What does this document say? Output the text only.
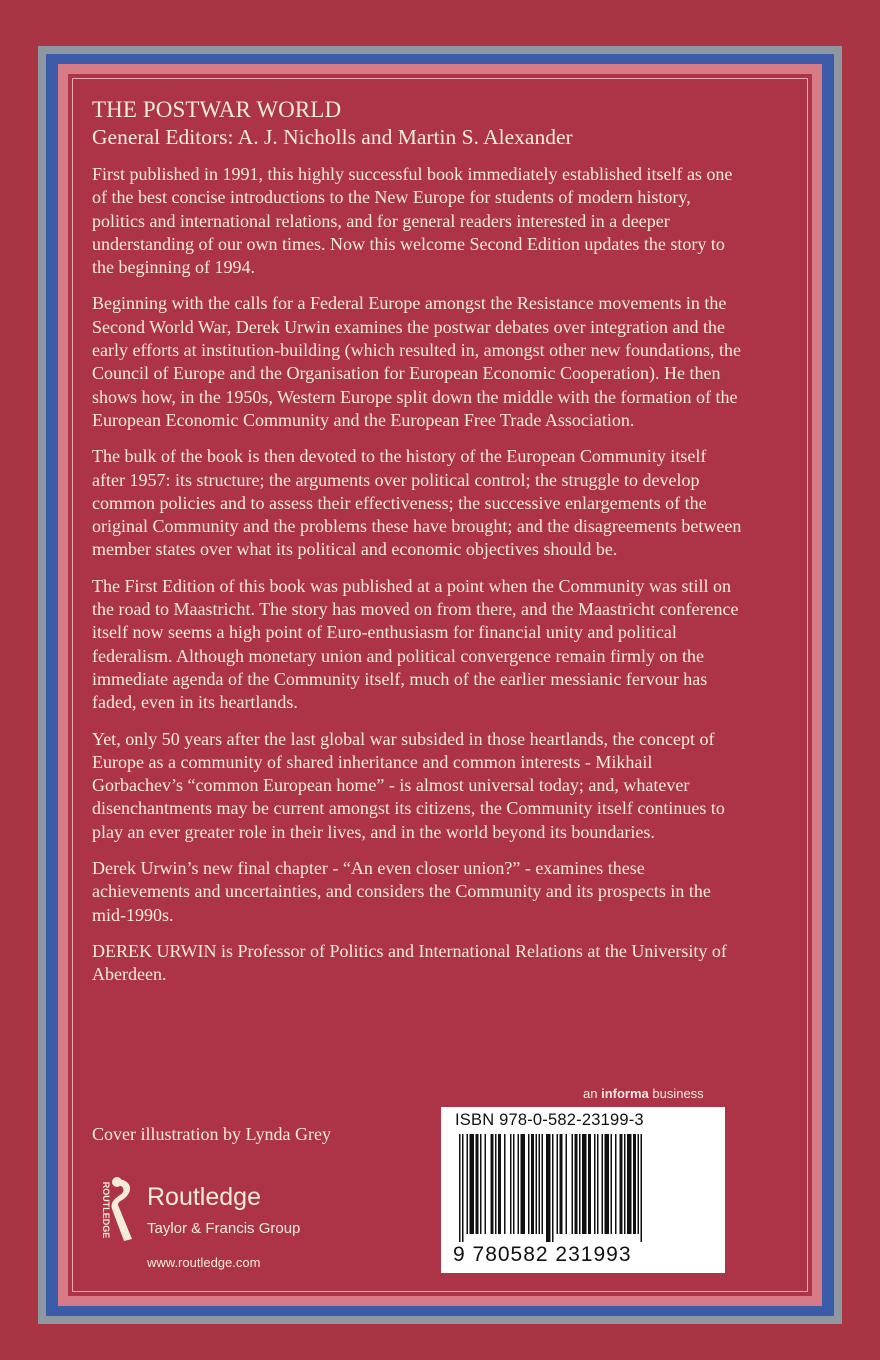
THE POSTWAR WORLD

General Editors: A. J. Nicholls and Martin S. Alexander

First published in 1991, this highly successful book immediately established itself as one of the best concise introductions to the New Europe for students of modern history, politics and international relations, and for general readers interested in a deeper understanding of our own times. Now this welcome Second Edition updates the story to the beginning of 1994.

Beginning with the calls for a Federal Europe amongst the Resistance movements in the Second World War, Derek Urwin examines the postwar debates over integration and the early efforts at institution-building (which resulted in, amongst other new foundations, the Council of Europe and the Organisation for European Economic Cooperation). He then shows how, in the 1950s, Western Europe split down the middle with the formation of the European Economic Community and the European Free Trade Association.

The bulk of the book is then devoted to the history of the European Community itself after 1957: its structure; the arguments over political control; the struggle to develop common policies and to assess their effectiveness; the successive enlargements of the original Community and the problems these have brought; and the disagreements between member states over what its political and economic objectives should be.

The First Edition of this book was published at a point when the Community was still on the road to Maastricht. The story has moved on from there, and the Maastricht conference itself now seems a high point of Euro-enthusiasm for financial unity and political federalism. Although monetary union and political convergence remain firmly on the immediate agenda of the Community itself, much of the earlier messianic fervour has faded, even in its heartlands.

Yet, only 50 years after the last global war subsided in those heartlands, the concept of Europe as a community of shared inheritance and common interests - Mikhail Gorbachev’s “common European home” - is almost universal today; and, whatever disenchantments may be current amongst its citizens, the Community itself continues to play an ever greater role in their lives, and in the world beyond its boundaries.

Derek Urwin’s new final chapter - “An even closer union?” - examines these achievements and uncertainties, and considers the Community and its prospects in the mid-1990s.

DEREK URWIN is Professor of Politics and International Relations at the University of Aberdeen.

Cover illustration by Lynda Grey
an informa business
ISBN 978-0-582-23199-3
9 780582 231993
ROUTLEDGE Routledge
Taylor & Francis Group
www.routledge.com
